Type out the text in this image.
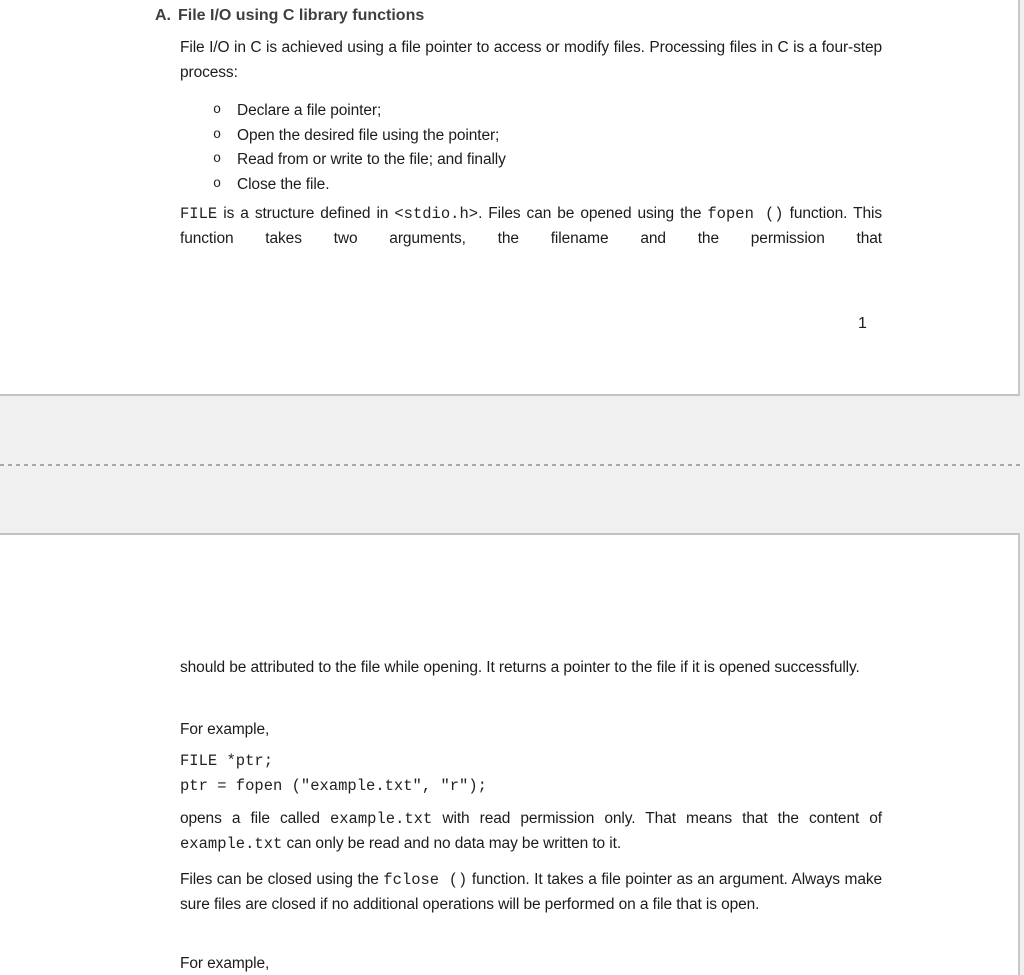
A. File I/O using C library functions
File I/O in C is achieved using a file pointer to access or modify files. Processing files in C is a four-step process:
o	Declare a file pointer;
o	Open the desired file using the pointer;
o	Read from or write to the file; and finally
o	Close the file.
FILE is a structure defined in <stdio.h>. Files can be opened using the fopen () function. This function takes two arguments, the filename and the permission that
1
should be attributed to the file while opening. It returns a pointer to the file if it is opened successfully.
For example,
FILE *ptr;
ptr = fopen ("example.txt", "r");
opens a file called example.txt with read permission only. That means that the content of example.txt can only be read and no data may be written to it.
Files can be closed using the fclose () function. It takes a file pointer as an argument. Always make sure files are closed if no additional operations will be performed on a file that is open.
For example,
